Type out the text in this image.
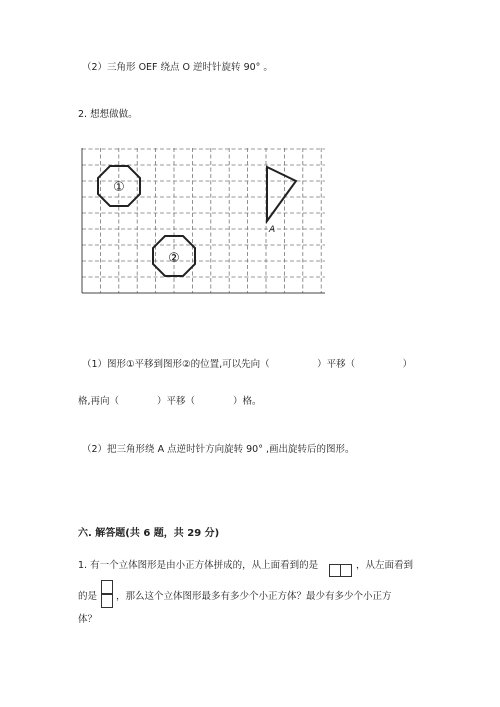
（2）三角形 OEF 绕点 O 逆时针旋转 90° 。
2. 想想做做。
①
②
A
（1）图形①平移到图形②的位置,可以先向（　　　　　）平移（　　　　　）
格,再向（　　　　）平移（　　　　）格。
（2）把三角形绕 A 点逆时针方向旋转 90° ,画出旋转后的图形。
六. 解答题(共 6 题，共 29 分)
1. 有一个立体图形是由小正方体拼成的，从上面看到的是	，从左面看到
的是 ，那么这个立体图形最多有多少个小正方体？最少有多少个小正方
体？
